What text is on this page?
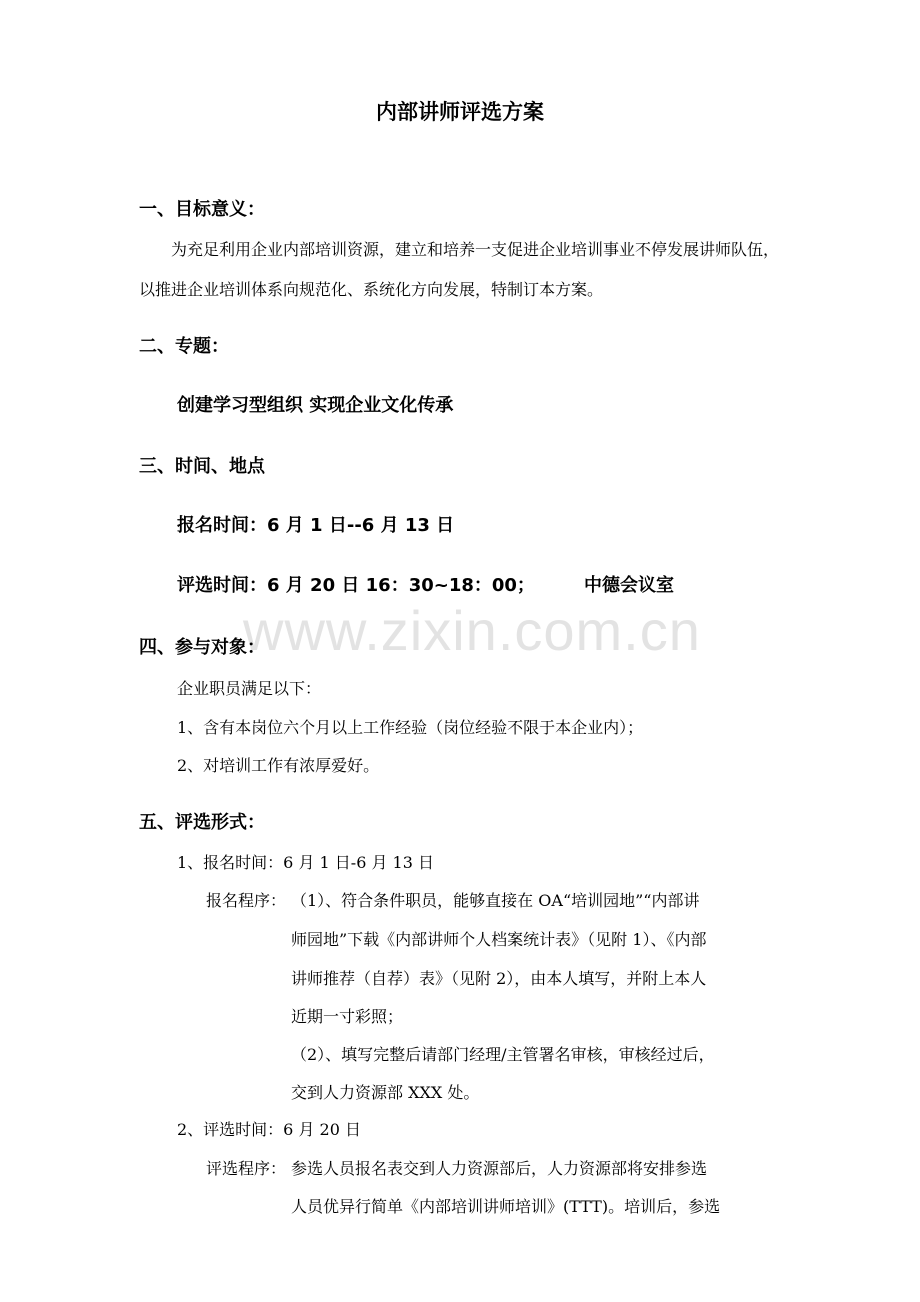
www.zixin.com.cn
内部讲师评选方案
一、目标意义：
为充足利用企业内部培训资源，建立和培养一支促进企业培训事业不停发展讲师队伍，以推进企业培训体系向规范化、系统化方向发展，特制订本方案。
二、专题：
创建学习型组织 实现企业文化传承
三、时间、地点
报名时间：6 月 1 日--6 月 13 日
评选时间：6 月 20 日 16：30~18：00；	中德会议室
四、参与对象：
企业职员满足以下：
1、含有本岗位六个月以上工作经验（岗位经验不限于本企业内）；
2、对培训工作有浓厚爱好。
五、评选形式：
1、报名时间：6 月 1 日-6 月 13 日
报名程序： （1）、符合条件职员，能够直接在 OA“培训园地”“内部讲
师园地”下载《内部讲师个人档案统计表》（见附 1）、《内部
讲师推荐（自荐）表》（见附 2），由本人填写，并附上本人
近期一寸彩照；
（2）、填写完整后请部门经理/主管署名审核，审核经过后，
交到人力资源部 XXX 处。
2、评选时间：6 月 20 日
评选程序： 参选人员报名表交到人力资源部后，人力资源部将安排参选
人员优异行简单《内部培训讲师培训》(TTT)。培训后，参选
